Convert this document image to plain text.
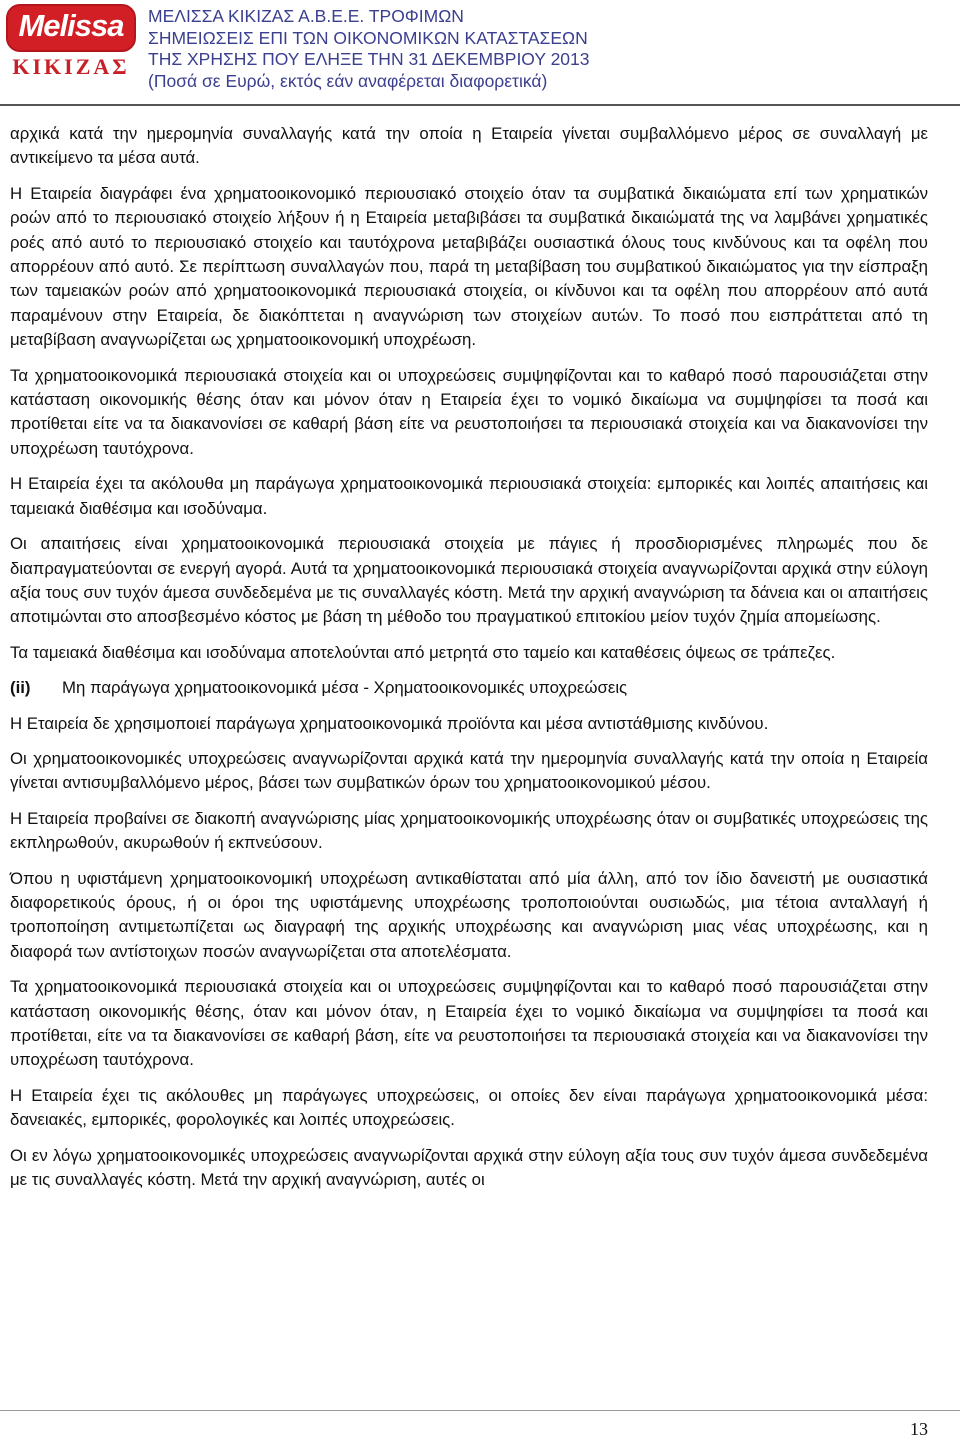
Melissa
ΚΙΚΙΖΑΣ
ΜΕΛΙΣΣΑ ΚΙΚΙΖΑΣ Α.Β.Ε.Ε. ΤΡΟΦΙΜΩΝ
ΣΗΜΕΙΩΣΕΙΣ ΕΠΙ ΤΩΝ ΟΙΚΟΝΟΜΙΚΩΝ ΚΑΤΑΣΤΑΣΕΩΝ
ΤΗΣ ΧΡΗΣΗΣ ΠΟΥ ΕΛΗΞΕ ΤΗΝ 31 ΔΕΚΕΜΒΡΙΟΥ 2013
(Ποσά σε Ευρώ, εκτός εάν αναφέρεται διαφορετικά)

αρχικά κατά την ημερομηνία συναλλαγής κατά την οποία η Εταιρεία γίνεται συμβαλλόμενο μέρος σε συναλλαγή με αντικείμενο τα μέσα αυτά.

Η Εταιρεία διαγράφει ένα χρηματοοικονομικό περιουσιακό στοιχείο όταν τα συμβατικά δικαιώματα επί των χρηματικών ροών από το περιουσιακό στοιχείο λήξουν ή η Εταιρεία μεταβιβάσει τα συμβατικά δικαιώματά της να λαμβάνει χρηματικές ροές από αυτό το περιουσιακό στοιχείο και ταυτόχρονα μεταβιβάζει ουσιαστικά όλους τους κινδύνους και τα οφέλη που απορρέουν από αυτό. Σε περίπτωση συναλλαγών που, παρά τη μεταβίβαση του συμβατικού δικαιώματος για την είσπραξη των ταμειακών ροών από χρηματοοικονομικά περιουσιακά στοιχεία, οι κίνδυνοι και τα οφέλη που απορρέουν από αυτά παραμένουν στην Εταιρεία, δε διακόπτεται η αναγνώριση των στοιχείων αυτών. Το ποσό που εισπράττεται από τη μεταβίβαση αναγνωρίζεται ως χρηματοοικονομική υποχρέωση.

Τα χρηματοοικονομικά περιουσιακά στοιχεία και οι υποχρεώσεις συμψηφίζονται και το καθαρό ποσό παρουσιάζεται στην κατάσταση οικονομικής θέσης όταν και μόνον όταν η Εταιρεία έχει το νομικό δικαίωμα να συμψηφίσει τα ποσά και προτίθεται είτε να τα διακανονίσει σε καθαρή βάση είτε να ρευστοποιήσει τα περιουσιακά στοιχεία και να διακανονίσει την υποχρέωση ταυτόχρονα.

Η Εταιρεία έχει τα ακόλουθα μη παράγωγα χρηματοοικονομικά περιουσιακά στοιχεία: εμπορικές και λοιπές απαιτήσεις και ταμειακά διαθέσιμα και ισοδύναμα.

Οι απαιτήσεις είναι χρηματοοικονομικά περιουσιακά στοιχεία με πάγιες ή προσδιορισμένες πληρωμές που δε διαπραγματεύονται σε ενεργή αγορά. Αυτά τα χρηματοοικονομικά περιουσιακά στοιχεία αναγνωρίζονται αρχικά στην εύλογη αξία τους συν τυχόν άμεσα συνδεδεμένα με τις συναλλαγές κόστη. Μετά την αρχική αναγνώριση τα δάνεια και οι απαιτήσεις αποτιμώνται στο αποσβεσμένο κόστος με βάση τη μέθοδο του πραγματικού επιτοκίου μείον τυχόν ζημία απομείωσης.

Τα ταμειακά διαθέσιμα και ισοδύναμα αποτελούνται από μετρητά στο ταμείο και καταθέσεις όψεως σε τράπεζες.

(ii)	Μη παράγωγα χρηματοοικονομικά μέσα - Χρηματοοικονομικές υποχρεώσεις

Η Εταιρεία δε χρησιμοποιεί παράγωγα χρηματοοικονομικά προϊόντα και μέσα αντιστάθμισης κινδύνου.

Οι χρηματοοικονομικές υποχρεώσεις αναγνωρίζονται αρχικά κατά την ημερομηνία συναλλαγής κατά την οποία η Εταιρεία γίνεται αντισυμβαλλόμενο μέρος, βάσει των συμβατικών όρων του χρηματοοικονομικού μέσου.

Η Εταιρεία προβαίνει σε διακοπή αναγνώρισης μίας χρηματοοικονομικής υποχρέωσης όταν οι συμβατικές υποχρεώσεις της εκπληρωθούν, ακυρωθούν ή εκπνεύσουν.

Όπου η υφιστάμενη χρηματοοικονομική υποχρέωση αντικαθίσταται από μία άλλη, από τον ίδιο δανειστή με ουσιαστικά διαφορετικούς όρους, ή οι όροι της υφιστάμενης υποχρέωσης τροποποιούνται ουσιωδώς, μια τέτοια ανταλλαγή ή τροποποίηση αντιμετωπίζεται ως διαγραφή της αρχικής υποχρέωσης και αναγνώριση μιας νέας υποχρέωσης, και η διαφορά των αντίστοιχων ποσών αναγνωρίζεται στα αποτελέσματα.

Τα χρηματοοικονομικά περιουσιακά στοιχεία και οι υποχρεώσεις συμψηφίζονται και το καθαρό ποσό παρουσιάζεται στην κατάσταση οικονομικής θέσης, όταν και μόνον όταν, η Εταιρεία έχει το νομικό δικαίωμα να συμψηφίσει τα ποσά και προτίθεται, είτε να τα διακανονίσει σε καθαρή βάση, είτε να ρευστοποιήσει τα περιουσιακά στοιχεία και να διακανονίσει την υποχρέωση ταυτόχρονα.

Η Εταιρεία έχει τις ακόλουθες μη παράγωγες υποχρεώσεις, οι οποίες δεν είναι παράγωγα χρηματοοικονομικά μέσα: δανειακές, εμπορικές, φορολογικές και λοιπές υποχρεώσεις.

Οι εν λόγω χρηματοοικονομικές υποχρεώσεις αναγνωρίζονται αρχικά στην εύλογη αξία τους συν τυχόν άμεσα συνδεδεμένα με τις συναλλαγές κόστη. Μετά την αρχική αναγνώριση, αυτές οι

13
